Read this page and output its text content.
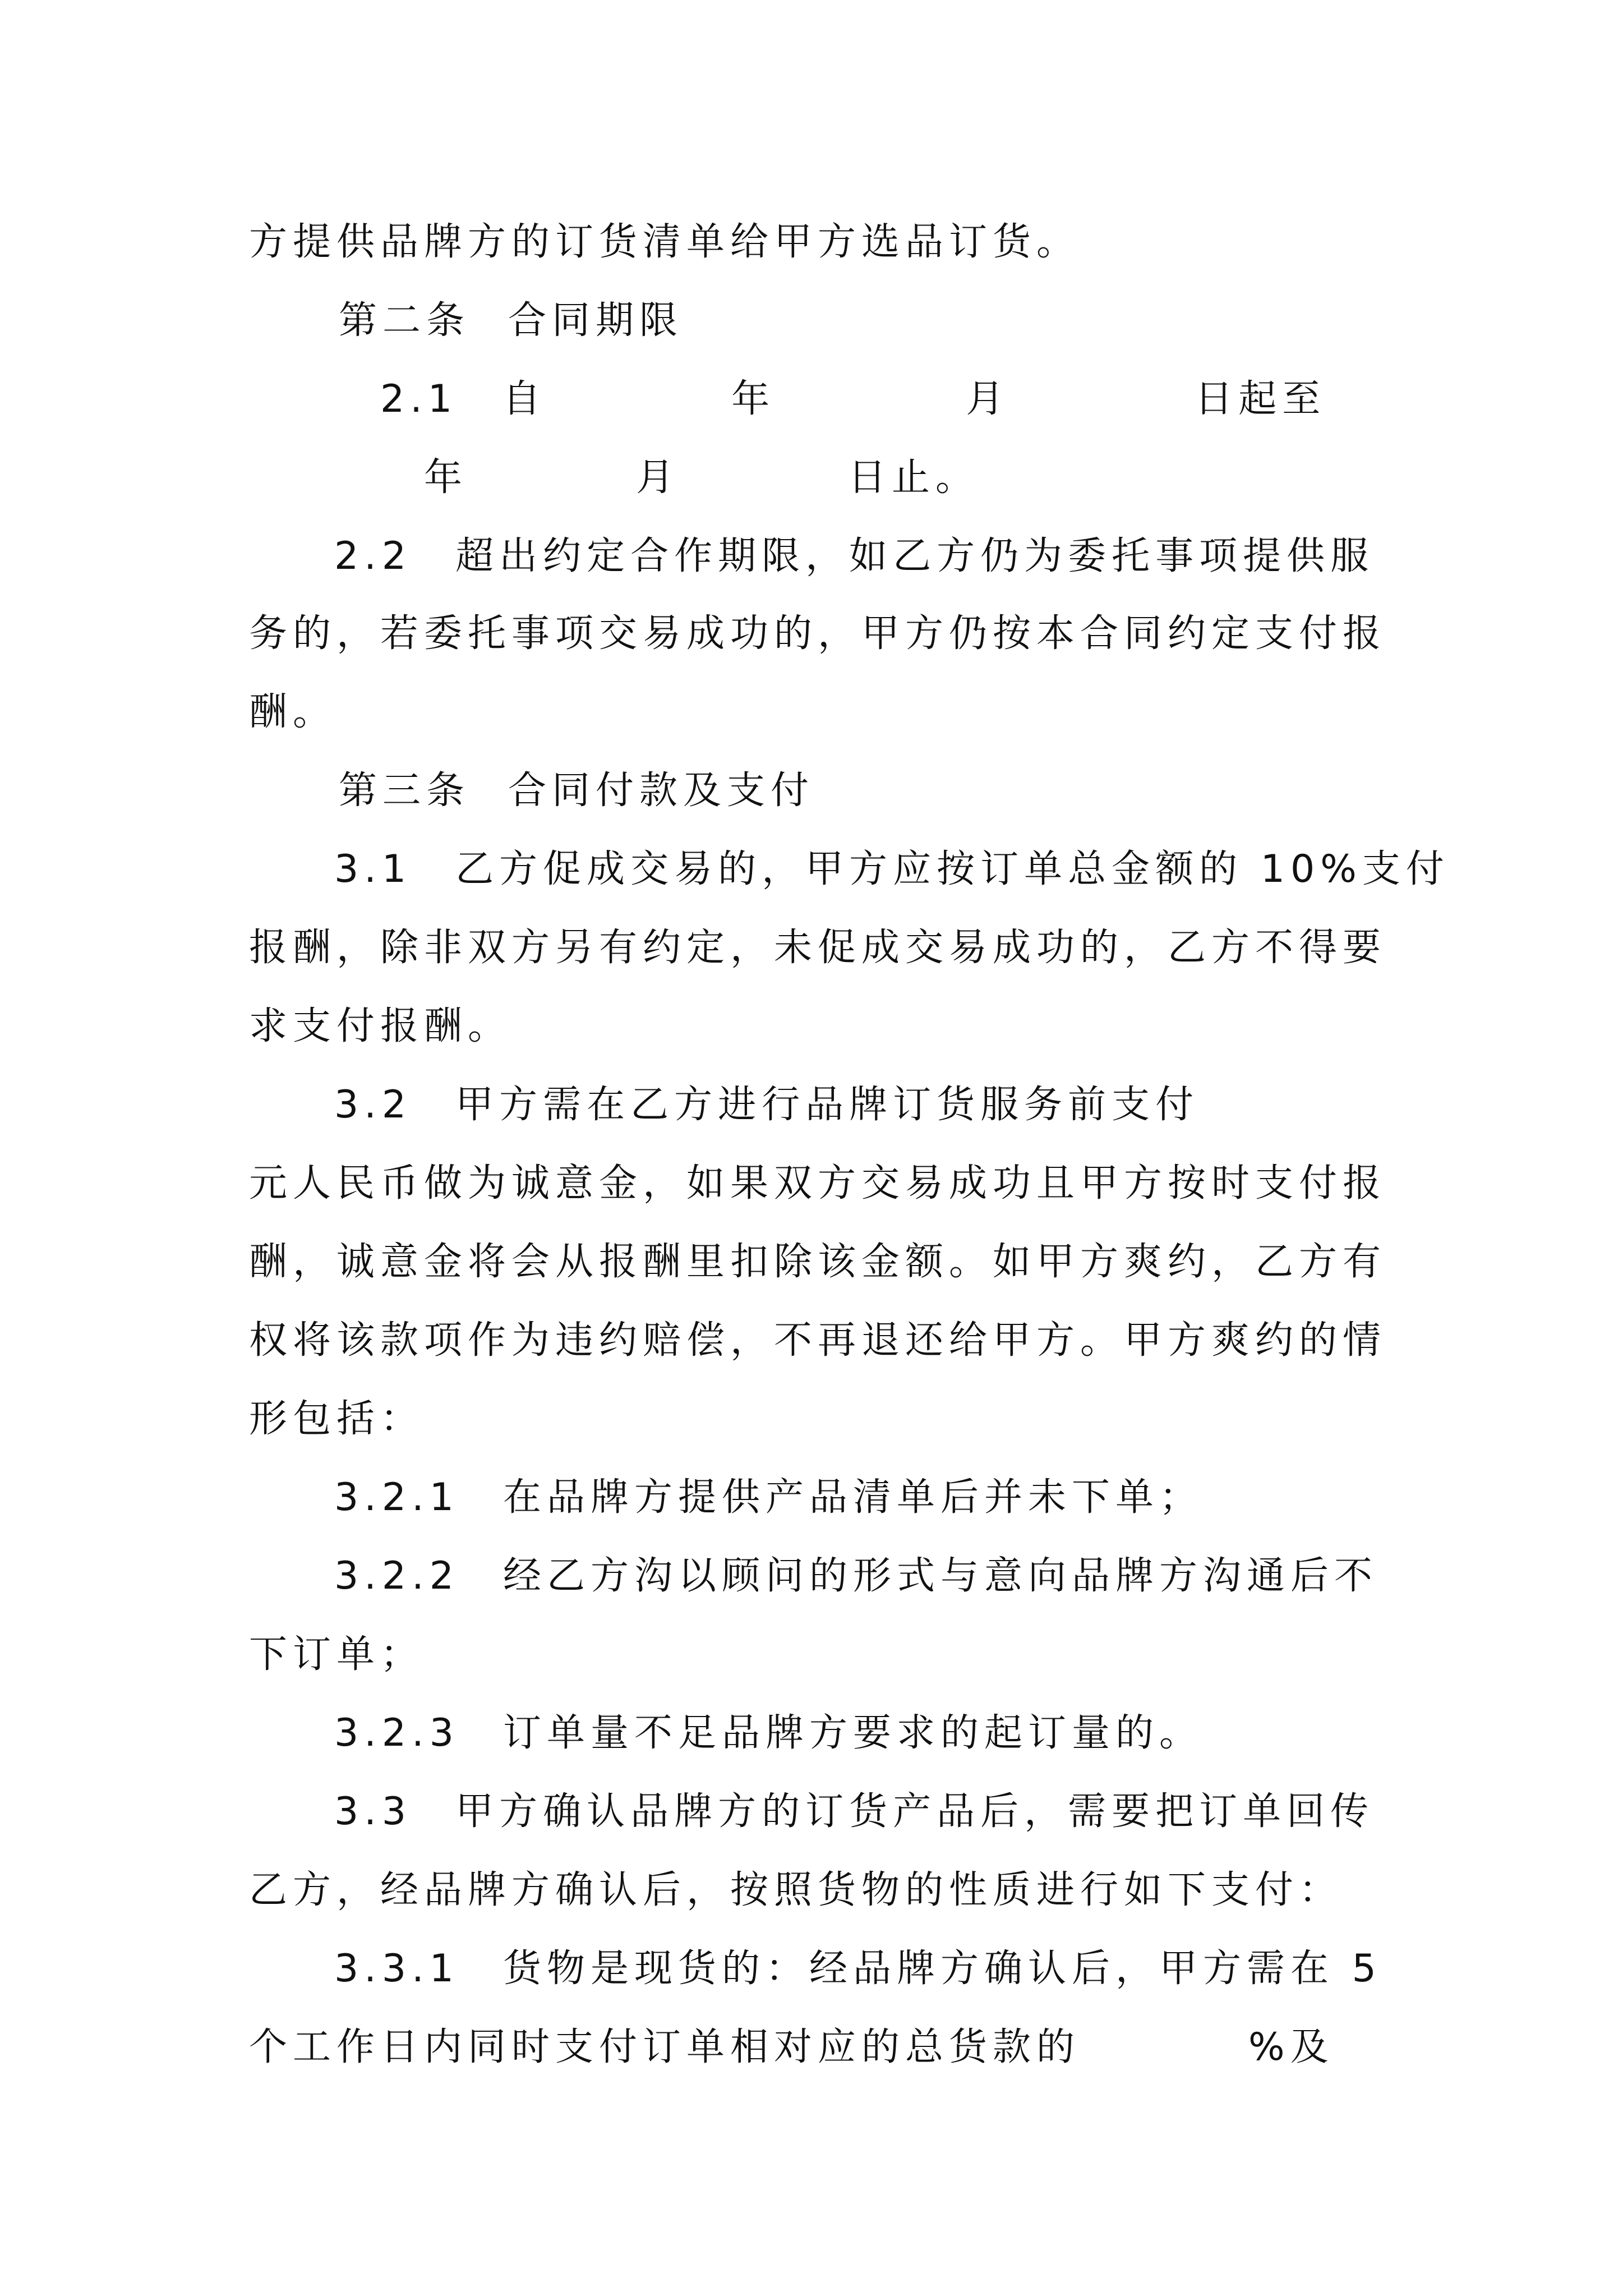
方提供品牌方的订货清单给甲方选品订货。
第二条 合同期限
2.1 自	年	月	日起至
年	月	日止。
2.2　超出约定合作期限，如乙方仍为委托事项提供服
务的，若委托事项交易成功的，甲方仍按本合同约定支付报
酬。
第三条 合同付款及支付
3.1　乙方促成交易的，甲方应按订单总金额的 10%支付
报酬，除非双方另有约定，未促成交易成功的，乙方不得要
求支付报酬。
3.2　甲方需在乙方进行品牌订货服务前支付
元人民币做为诚意金，如果双方交易成功且甲方按时支付报
酬，诚意金将会从报酬里扣除该金额。如甲方爽约，乙方有
权将该款项作为违约赔偿，不再退还给甲方。甲方爽约的情
形包括：
3.2.1　在品牌方提供产品清单后并未下单；
3.2.2　经乙方沟以顾问的形式与意向品牌方沟通后不
下订单；
3.2.3　订单量不足品牌方要求的起订量的。
3.3　甲方确认品牌方的订货产品后，需要把订单回传
乙方，经品牌方确认后，按照货物的性质进行如下支付：
3.3.1　货物是现货的：经品牌方确认后，甲方需在 5
个工作日内同时支付订单相对应的总货款的	%及
